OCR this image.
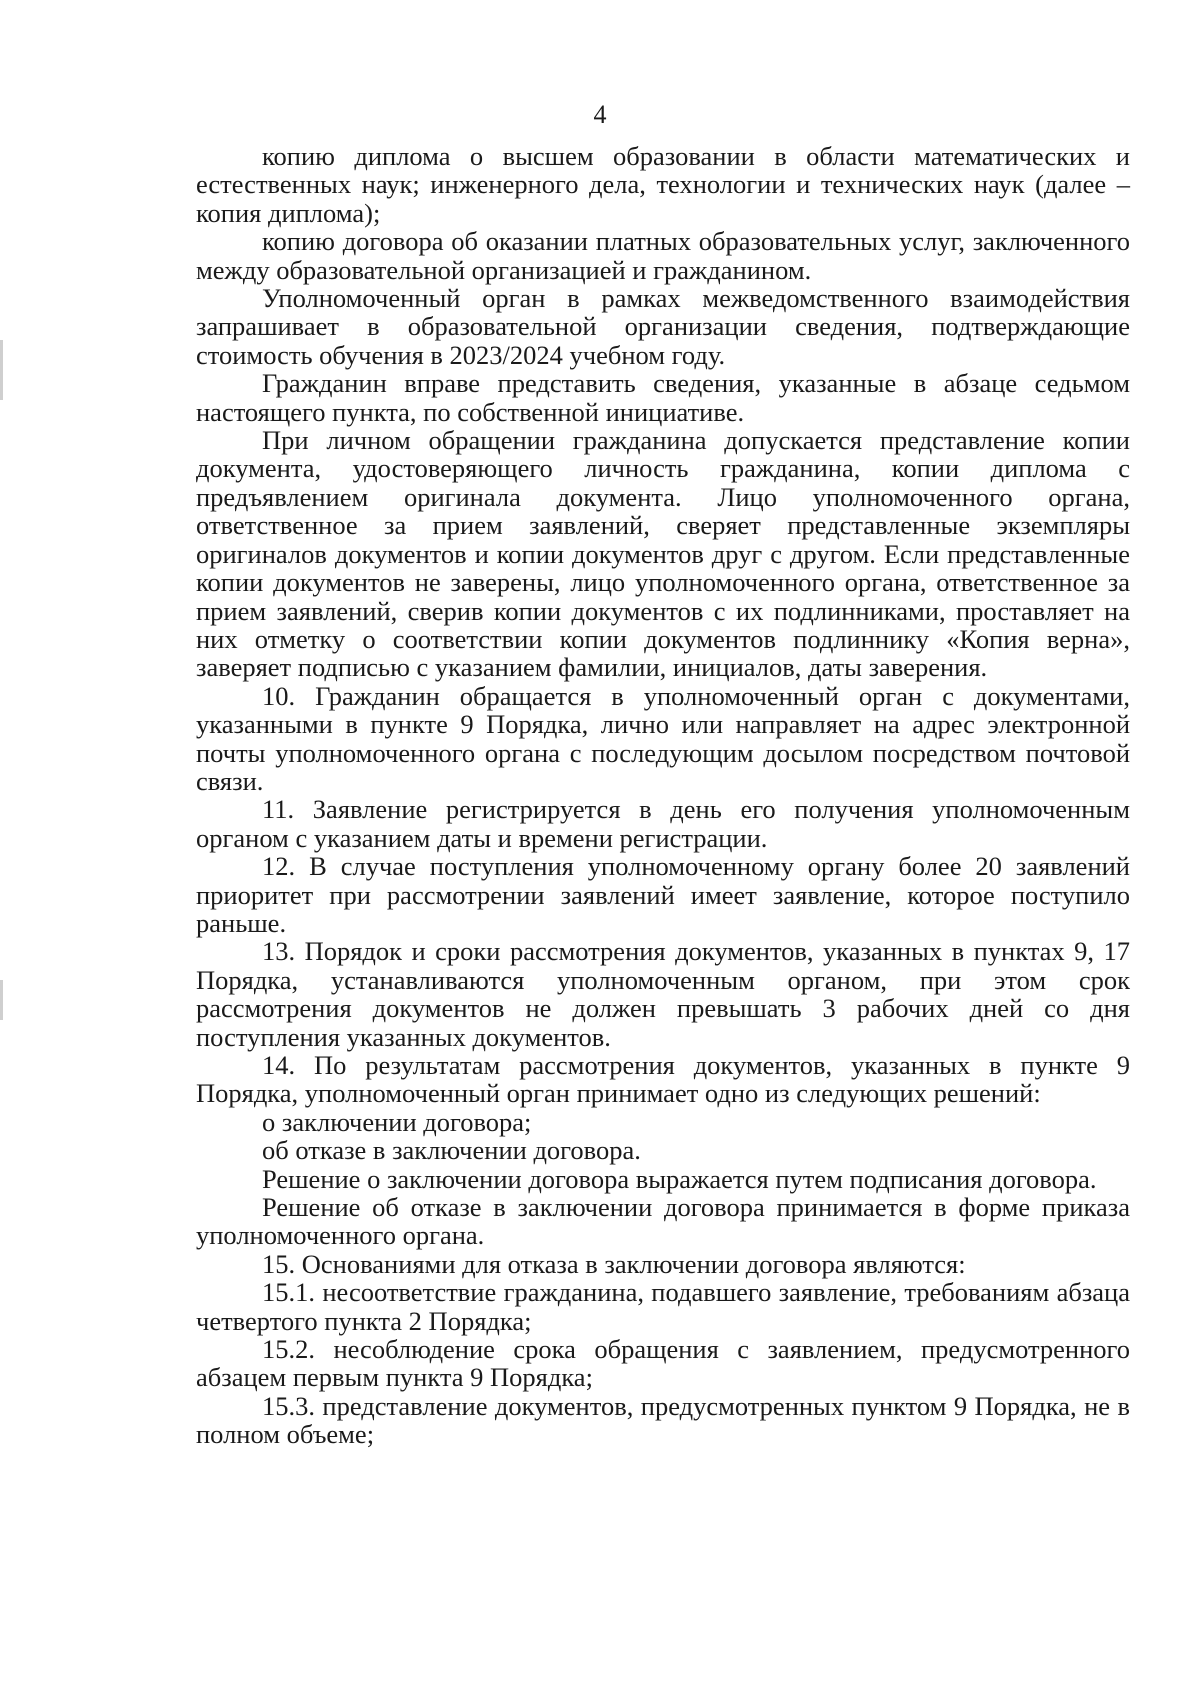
4

копию диплома о высшем образовании в области математических и естественных наук; инженерного дела, технологии и технических наук (далее – копия диплома);

копию договора об оказании платных образовательных услуг, заключенного между образовательной организацией и гражданином.

Уполномоченный орган в рамках межведомственного взаимодействия запрашивает в образовательной организации сведения, подтверждающие стоимость обучения в 2023/2024 учебном году.

Гражданин вправе представить сведения, указанные в абзаце седьмом настоящего пункта, по собственной инициативе.

При личном обращении гражданина допускается представление копии документа, удостоверяющего личность гражданина, копии диплома с предъявлением оригинала документа. Лицо уполномоченного органа, ответственное за прием заявлений, сверяет представленные экземпляры оригиналов документов и копии документов друг с другом. Если представленные копии документов не заверены, лицо уполномоченного органа, ответственное за прием заявлений, сверив копии документов с их подлинниками, проставляет на них отметку о соответствии копии документов подлиннику «Копия верна», заверяет подписью с указанием фамилии, инициалов, даты заверения.

10. Гражданин обращается в уполномоченный орган с документами, указанными в пункте 9 Порядка, лично или направляет на адрес электронной почты уполномоченного органа с последующим досылом посредством почтовой связи.

11. Заявление регистрируется в день его получения уполномоченным органом с указанием даты и времени регистрации.

12. В случае поступления уполномоченному органу более 20 заявлений приоритет при рассмотрении заявлений имеет заявление, которое поступило раньше.

13. Порядок и сроки рассмотрения документов, указанных в пунктах 9, 17 Порядка, устанавливаются уполномоченным органом, при этом срок рассмотрения документов не должен превышать 3 рабочих дней со дня поступления указанных документов.

14. По результатам рассмотрения документов, указанных в пункте 9 Порядка, уполномоченный орган принимает одно из следующих решений:

о заключении договора;

об отказе в заключении договора.

Решение о заключении договора выражается путем подписания договора.

Решение об отказе в заключении договора принимается в форме приказа уполномоченного органа.

15. Основаниями для отказа в заключении договора являются:

15.1. несоответствие гражданина, подавшего заявление, требованиям абзаца четвертого пункта 2 Порядка;

15.2. несоблюдение срока обращения с заявлением, предусмотренного абзацем первым пункта 9 Порядка;

15.3. представление документов, предусмотренных пунктом 9 Порядка, не в полном объеме;
